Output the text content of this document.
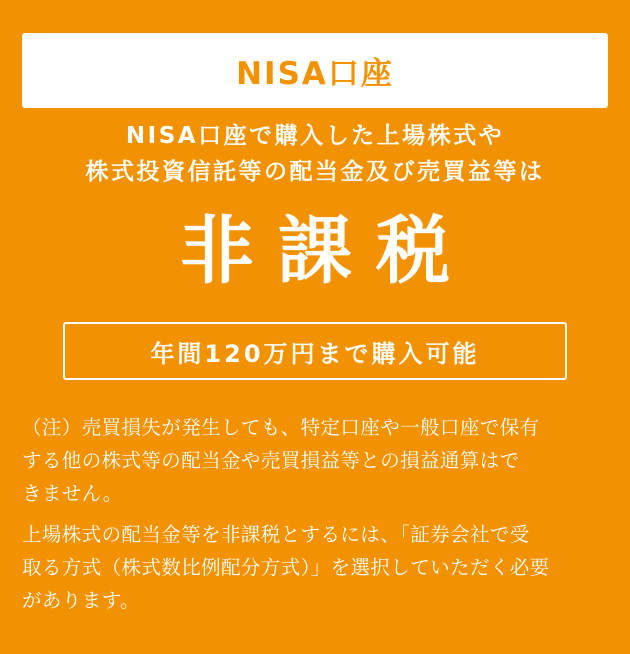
NISA口座
NISA口座で購入した上場株式や
株式投資信託等の配当金及び売買益等は
非課税
年間120万円まで購入可能
（注）売買損失が発生しても、特定口座や一般口座で保有
する他の株式等の配当金や売買損益等との損益通算はで
きません。
上場株式の配当金等を非課税とするには、「証券会社で受
取る方式（株式数比例配分方式）」を選択していただく必要
があります。
